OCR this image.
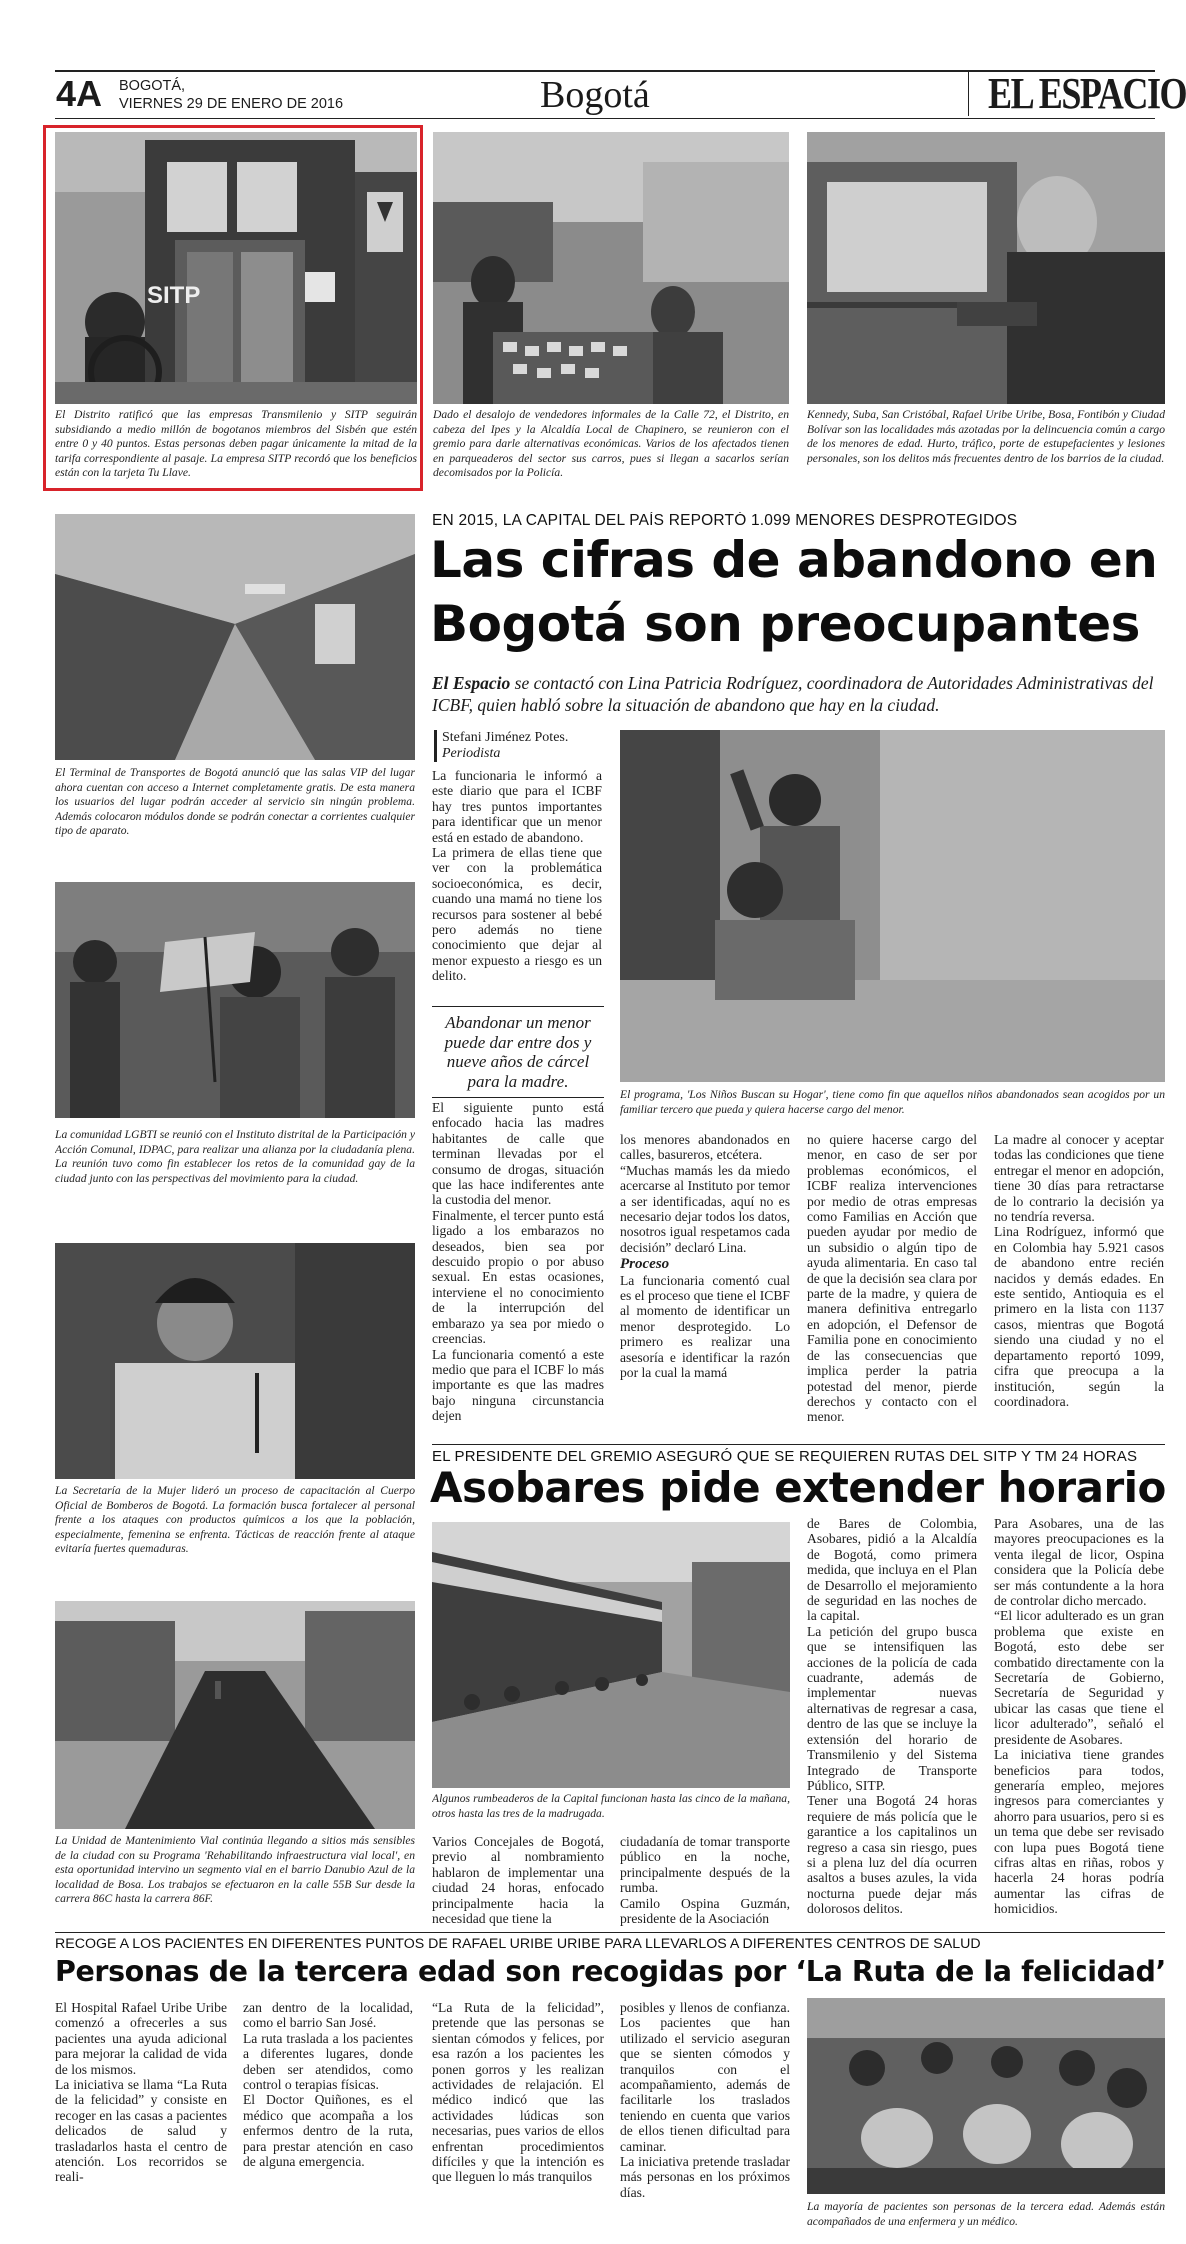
4A BOGOTÁ,
VIERNES 29 DE ENERO DE 2016	Bogotá	EL ESPACIO
SITP
El Distrito ratificó que las empresas Transmilenio y SITP seguirán subsidiando a medio millón de bogotanos miembros del Sisbén que estén entre 0 y 40 puntos. Estas personas deben pagar únicamente la mitad de la tarifa correspondiente al pasaje. La empresa SITP recordó que los beneficios están con la tarjeta Tu Llave.
Dado el desalojo de vendedores informales de la Calle 72, el Distrito, en cabeza del Ipes y la Alcaldía Local de Chapinero, se reunieron con el gremio para darle alternativas económicas. Varios de los afectados tienen en parqueaderos del sector sus carros, pues si llegan a sacarlos serían decomisados por la Policía.
Kennedy, Suba, San Cristóbal, Rafael Uribe Uribe, Bosa, Fontibón y Ciudad Bolívar son las localidades más azotadas por la delincuencia común a cargo de los menores de edad. Hurto, tráfico, porte de estupefacientes y lesiones personales, son los delitos más frecuentes dentro de los barrios de la ciudad.
El Terminal de Transportes de Bogotá anunció que las salas VIP del lugar ahora cuentan con acceso a Internet completamente gratis. De esta manera los usuarios del lugar podrán acceder al servicio sin ningún problema. Además colocaron módulos donde se podrán conectar a corrientes cualquier tipo de aparato.
La comunidad LGBTI se reunió con el Instituto distrital de la Participación y Acción Comunal, IDPAC, para realizar una alianza por la ciudadanía plena. La reunión tuvo como fin establecer los retos de la comunidad gay de la ciudad junto con las perspectivas del movimiento para la ciudad.
La Secretaría de la Mujer lideró un proceso de capacitación al Cuerpo Oficial de Bomberos de Bogotá. La formación busca fortalecer al personal frente a los ataques con productos químicos a los que la población, especialmente, femenina se enfrenta. Tácticas de reacción frente al ataque evitaría fuertes quemaduras.
La Unidad de Mantenimiento Vial continúa llegando a sitios más sensibles de la ciudad con su Programa 'Rehabilitando infraestructura vial local', en esta oportunidad intervino un segmento vial en el barrio Danubio Azul de la localidad de Bosa. Los trabajos se efectuaron en la calle 55B Sur desde la carrera 86C hasta la carrera 86F.
EN 2015, LA CAPITAL DEL PAÍS REPORTÓ 1.099 MENORES DESPROTEGIDOS
Las cifras de abandono en
Bogotá son preocupantes
El Espacio se contactó con Lina Patricia Rodríguez, coordinadora de Autoridades Administrativas del ICBF, quien habló sobre la situación de abandono que hay en la ciudad.
Stefani Jiménez Potes.
Periodista

La funcionaria le informó a este diario que para el ICBF hay tres puntos importantes para identificar que un menor está en estado de abandono.

La primera de ellas tiene que ver con la problemática socioeconómica, es decir, cuando una mamá no tiene los recursos para sostener al bebé pero además no tiene conocimiento que dejar al menor expuesto a riesgo es un delito.

Abandonar un menor puede dar entre dos y nueve años de cárcel para la madre.

El siguiente punto está enfocado hacia las madres habitantes de calle que terminan llevadas por el consumo de drogas, situación que las hace indiferentes ante la custodia del menor.

Finalmente, el tercer punto está ligado a los embarazos no deseados, bien sea por descuido propio o por abuso sexual. En estas ocasiones, interviene el no conocimiento de la interrupción del embarazo ya sea por miedo o creencias.

La funcionaria comentó a este medio que para el ICBF lo más importante es que las madres bajo ninguna circunstancia dejen

El programa, 'Los Niños Buscan su Hogar', tiene como fin que aquellos niños abandonados sean acogidos por un familiar tercero que pueda y quiera hacerse cargo del menor.

los menores abandonados en calles, basureros, etcétera.

“Muchas mamás les da miedo acercarse al Instituto por temor a ser identificadas, aquí no es necesario dejar todos los datos, nosotros igual respetamos cada decisión” declaró Lina.

Proceso

La funcionaria comentó cual es el proceso que tiene el ICBF al momento de identificar un menor desprotegido. Lo primero es realizar una asesoría e identificar la razón por la cual la mamá

no quiere hacerse cargo del menor, en caso de ser por problemas económicos, el ICBF realiza intervenciones por medio de otras empresas como Familias en Acción que pueden ayudar por medio de un subsidio o algún tipo de ayuda alimentaria. En caso tal de que la decisión sea clara por parte de la madre, y quiera de manera definitiva entregarlo en adopción, el Defensor de Familia pone en conocimiento de las consecuencias que implica perder la patria potestad del menor, pierde derechos y contacto con el menor.

La madre al conocer y aceptar todas las condiciones que tiene entregar el menor en adopción, tiene 30 días para retractarse de lo contrario la decisión ya no tendría reversa.

Lina Rodríguez, informó que en Colombia hay 5.921 casos de abandono entre recién nacidos y demás edades. En este sentido, Antioquia es el primero en la lista con 1137 casos, mientras que Bogotá siendo una ciudad y no el departamento reportó 1099, cifra que preocupa a la institución, según la coordinadora.

EL PRESIDENTE DEL GREMIO ASEGURÓ QUE SE REQUIEREN RUTAS DEL SITP Y TM 24 HORAS
Asobares pide extender horario
Algunos rumbeaderos de la Capital funcionan hasta las cinco de la mañana, otros hasta las tres de la madrugada.

Varios Concejales de Bogotá, previo al nombramiento hablaron de implementar una ciudad 24 horas, enfocado principalmente hacia la necesidad que tiene la

ciudadanía de tomar transporte público en la noche, principalmente después de la rumba.

Camilo Ospina Guzmán, presidente de la Asociación

de Bares de Colombia, Asobares, pidió a la Alcaldía de Bogotá, como primera medida, que incluya en el Plan de Desarrollo el mejoramiento de seguridad en las noches de la capital.

La petición del grupo busca que se intensifiquen las acciones de la policía de cada cuadrante, además de implementar nuevas alternativas de regresar a casa, dentro de las que se incluye la extensión del horario de Transmilenio y del Sistema Integrado de Transporte Público, SITP.

Tener una Bogotá 24 horas requiere de más policía que le garantice a los capitalinos un regreso a casa sin riesgo, pues si a plena luz del día ocurren asaltos a buses azules, la vida nocturna puede dejar más dolorosos delitos.

Para Asobares, una de las mayores preocupaciones es la venta ilegal de licor, Ospina considera que la Policía debe ser más contundente a la hora de controlar dicho mercado.

“El licor adulterado es un gran problema que existe en Bogotá, esto debe ser combatido directamente con la Secretaría de Gobierno, Secretaría de Seguridad y ubicar las casas que tiene el licor adulterado”, señaló el presidente de Asobares.

La iniciativa tiene grandes beneficios para todos, generaría empleo, mejores ingresos para comerciantes y ahorro para usuarios, pero si es un tema que debe ser revisado con lupa pues Bogotá tiene cifras altas en riñas, robos y hacerla 24 horas podría aumentar las cifras de homicidios.

RECOGE A LOS PACIENTES EN DIFERENTES PUNTOS DE RAFAEL URIBE URIBE PARA LLEVARLOS A DIFERENTES CENTROS DE SALUD
Personas de la tercera edad son recogidas por ‘La Ruta de la felicidad’

El Hospital Rafael Uribe Uribe comenzó a ofrecerles a sus pacientes una ayuda adicional para mejorar la calidad de vida de los mismos.

La iniciativa se llama “La Ruta de la felicidad” y consiste en recoger en las casas a pacientes delicados de salud y trasladarlos hasta el centro de atención. Los recorridos se reali-

zan dentro de la localidad, como el barrio San José.

La ruta traslada a los pacientes a diferentes lugares, donde deben ser atendidos, como control o terapias físicas.

El Doctor Quiñones, es el médico que acompaña a los enfermos dentro de la ruta, para prestar atención en caso de alguna emergencia.

“La Ruta de la felicidad”, pretende que las personas se sientan cómodos y felices, por esa razón a los pacientes les ponen gorros y les realizan actividades de relajación. El médico indicó que las actividades lúdicas son necesarias, pues varios de ellos enfrentan procedimientos difíciles y que la intención es que lleguen lo más tranquilos

posibles y llenos de confianza. Los pacientes que han utilizado el servicio aseguran que se sienten cómodos y tranquilos con el acompañamiento, además de facilitarle los traslados teniendo en cuenta que varios de ellos tienen dificultad para caminar.

La iniciativa pretende trasladar más personas en los próximos días.

La mayoría de pacientes son personas de la tercera edad. Además están acompañados de una enfermera y un médico.
